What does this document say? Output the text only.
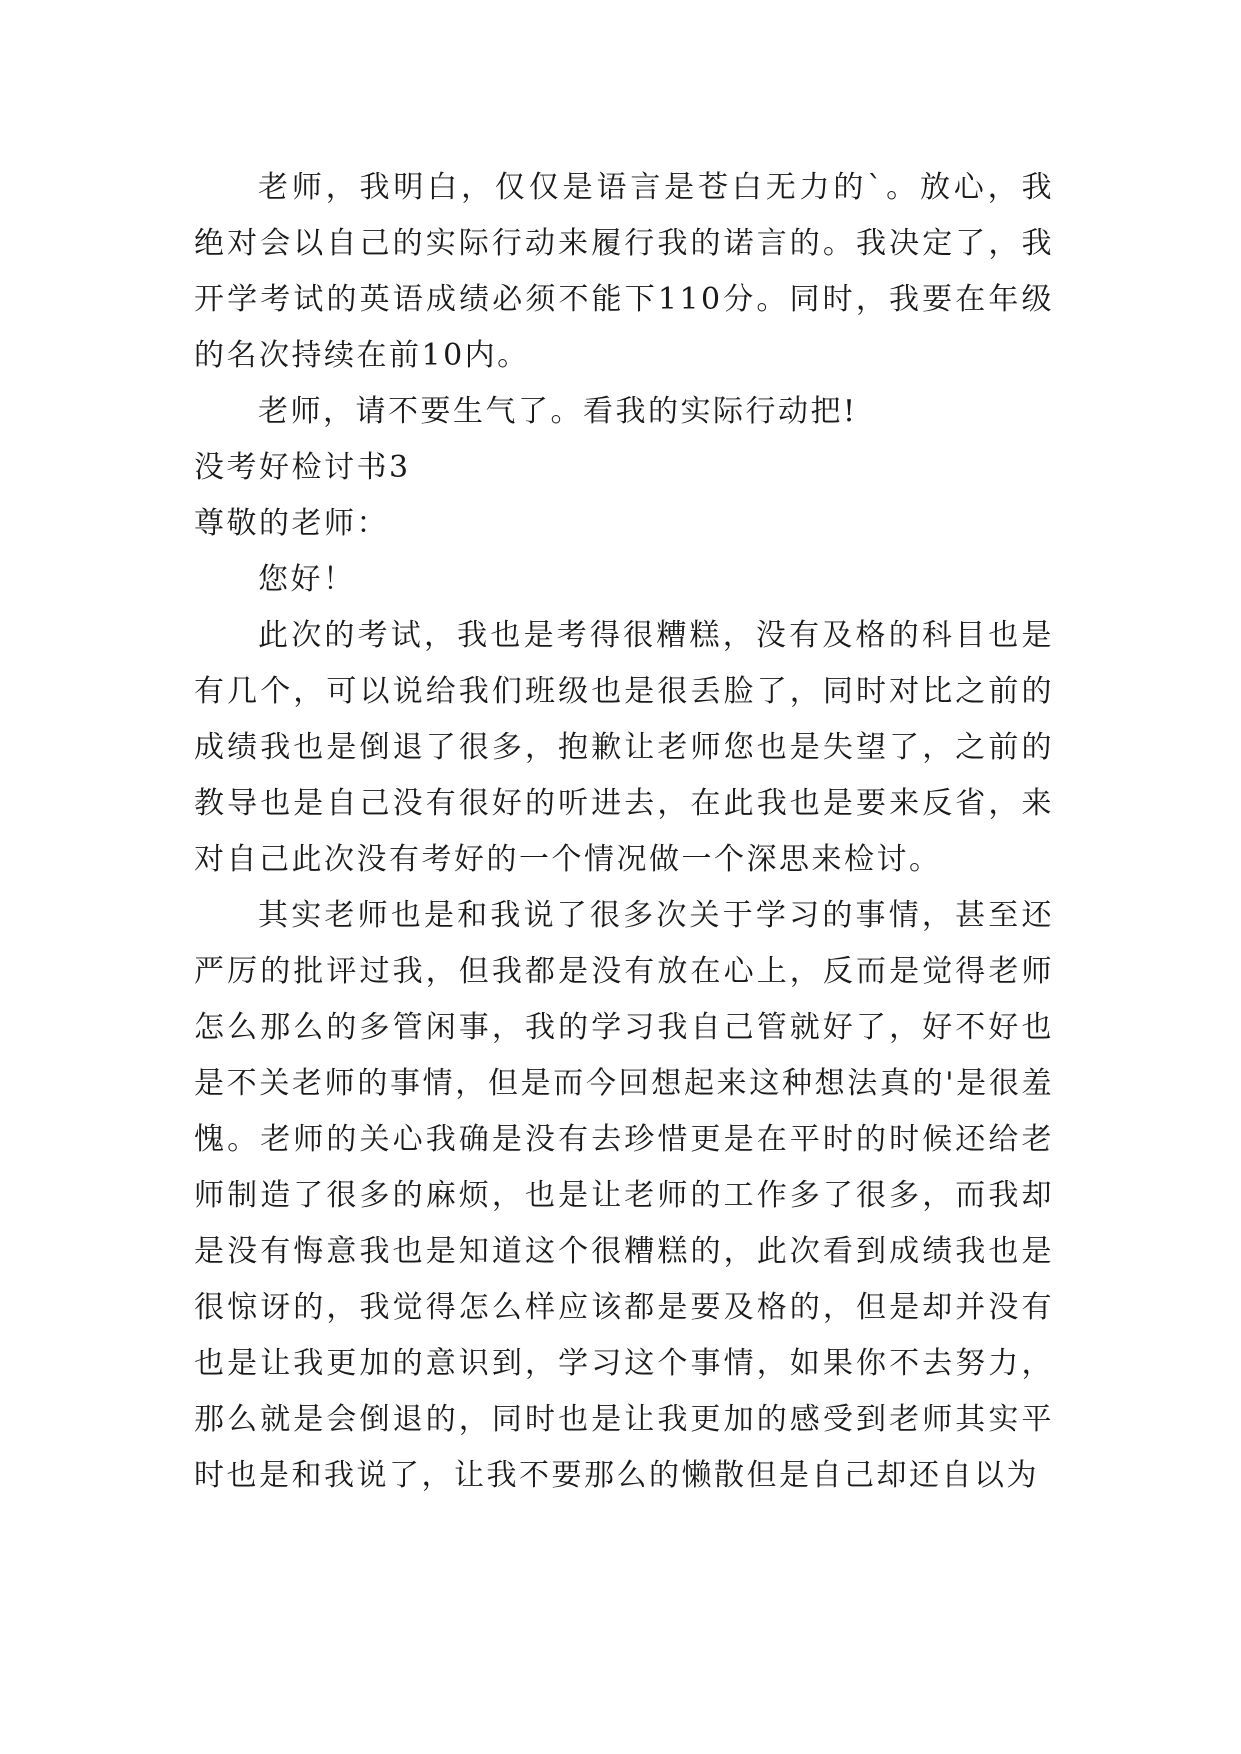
老师，我明白，仅仅是语言是苍白无力的`。放心，我绝对会以自己的实际行动来履行我的诺言的。我决定了，我开学考试的英语成绩必须不能下110分。同时，我要在年级的名次持续在前10内。

老师，请不要生气了。看我的实际行动把!

没考好检讨书3

尊敬的老师：

您好！

此次的考试，我也是考得很糟糕，没有及格的科目也是有几个，可以说给我们班级也是很丢脸了，同时对比之前的成绩我也是倒退了很多，抱歉让老师您也是失望了，之前的教导也是自己没有很好的听进去，在此我也是要来反省，来对自己此次没有考好的一个情况做一个深思来检讨。

其实老师也是和我说了很多次关于学习的事情，甚至还严厉的批评过我，但我都是没有放在心上，反而是觉得老师怎么那么的多管闲事，我的学习我自己管就好了，好不好也是不关老师的事情，但是而今回想起来这种想法真的'是很羞愧。老师的关心我确是没有去珍惜更是在平时的时候还给老师制造了很多的麻烦，也是让老师的工作多了很多，而我却是没有悔意我也是知道这个很糟糕的，此次看到成绩我也是很惊讶的，我觉得怎么样应该都是要及格的，但是却并没有也是让我更加的意识到，学习这个事情，如果你不去努力，那么就是会倒退的，同时也是让我更加的感受到老师其实平时也是和我说了，让我不要那么的懒散但是自己却还自以为
